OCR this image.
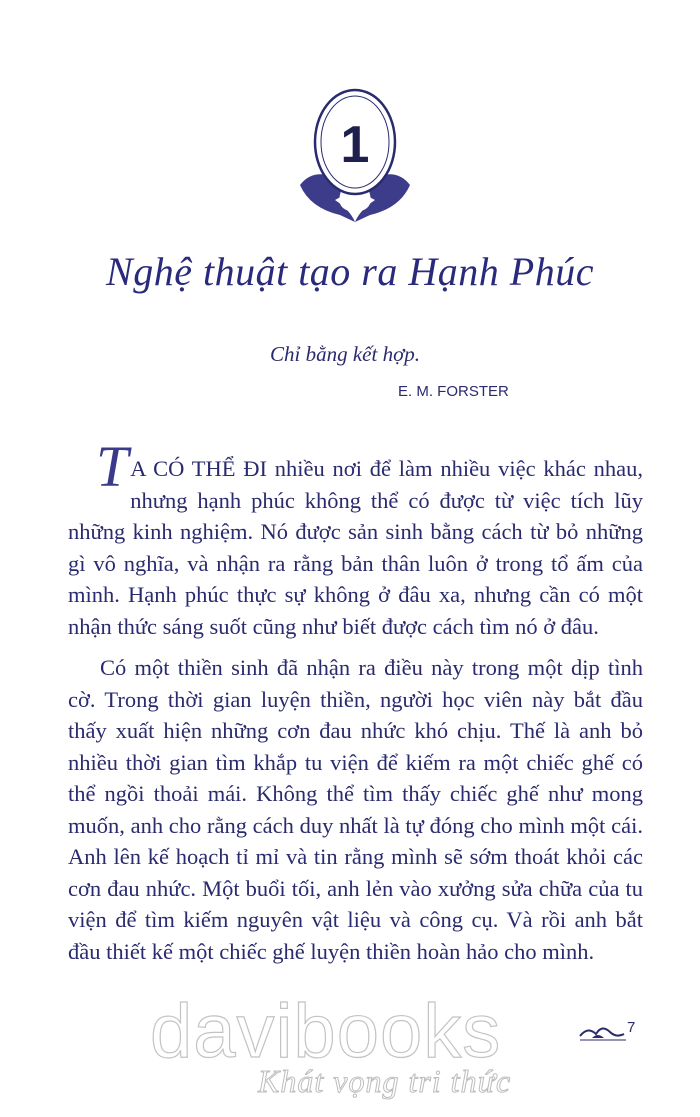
1
Nghệ thuật tạo ra Hạnh Phúc
Chỉ bằng kết hợp.
E. M. FORSTER

T A CÓ THỂ ĐI nhiều nơi để làm nhiều việc khác nhau, nhưng hạnh phúc không thể có được từ việc tích lũy những kinh nghiệm. Nó được sản sinh bằng cách từ bỏ những gì vô nghĩa, và nhận ra rằng bản thân luôn ở trong tổ ấm của mình. Hạnh phúc thực sự không ở đâu xa, nhưng cần có một nhận thức sáng suốt cũng như biết được cách tìm nó ở đâu.

Có một thiền sinh đã nhận ra điều này trong một dịp tình cờ. Trong thời gian luyện thiền, người học viên này bắt đầu thấy xuất hiện những cơn đau nhức khó chịu. Thế là anh bỏ nhiều thời gian tìm khắp tu viện để kiếm ra một chiếc ghế có thể ngồi thoải mái. Không thể tìm thấy chiếc ghế như mong muốn, anh cho rằng cách duy nhất là tự đóng cho mình một cái. Anh lên kế hoạch tỉ mỉ và tin rằng mình sẽ sớm thoát khỏi các cơn đau nhức. Một buổi tối, anh lẻn vào xưởng sửa chữa của tu viện để tìm kiếm nguyên vật liệu và công cụ. Và rồi anh bắt đầu thiết kế một chiếc ghế luyện thiền hoàn hảo cho mình.

davibooks
Khát vọng tri thức
7
